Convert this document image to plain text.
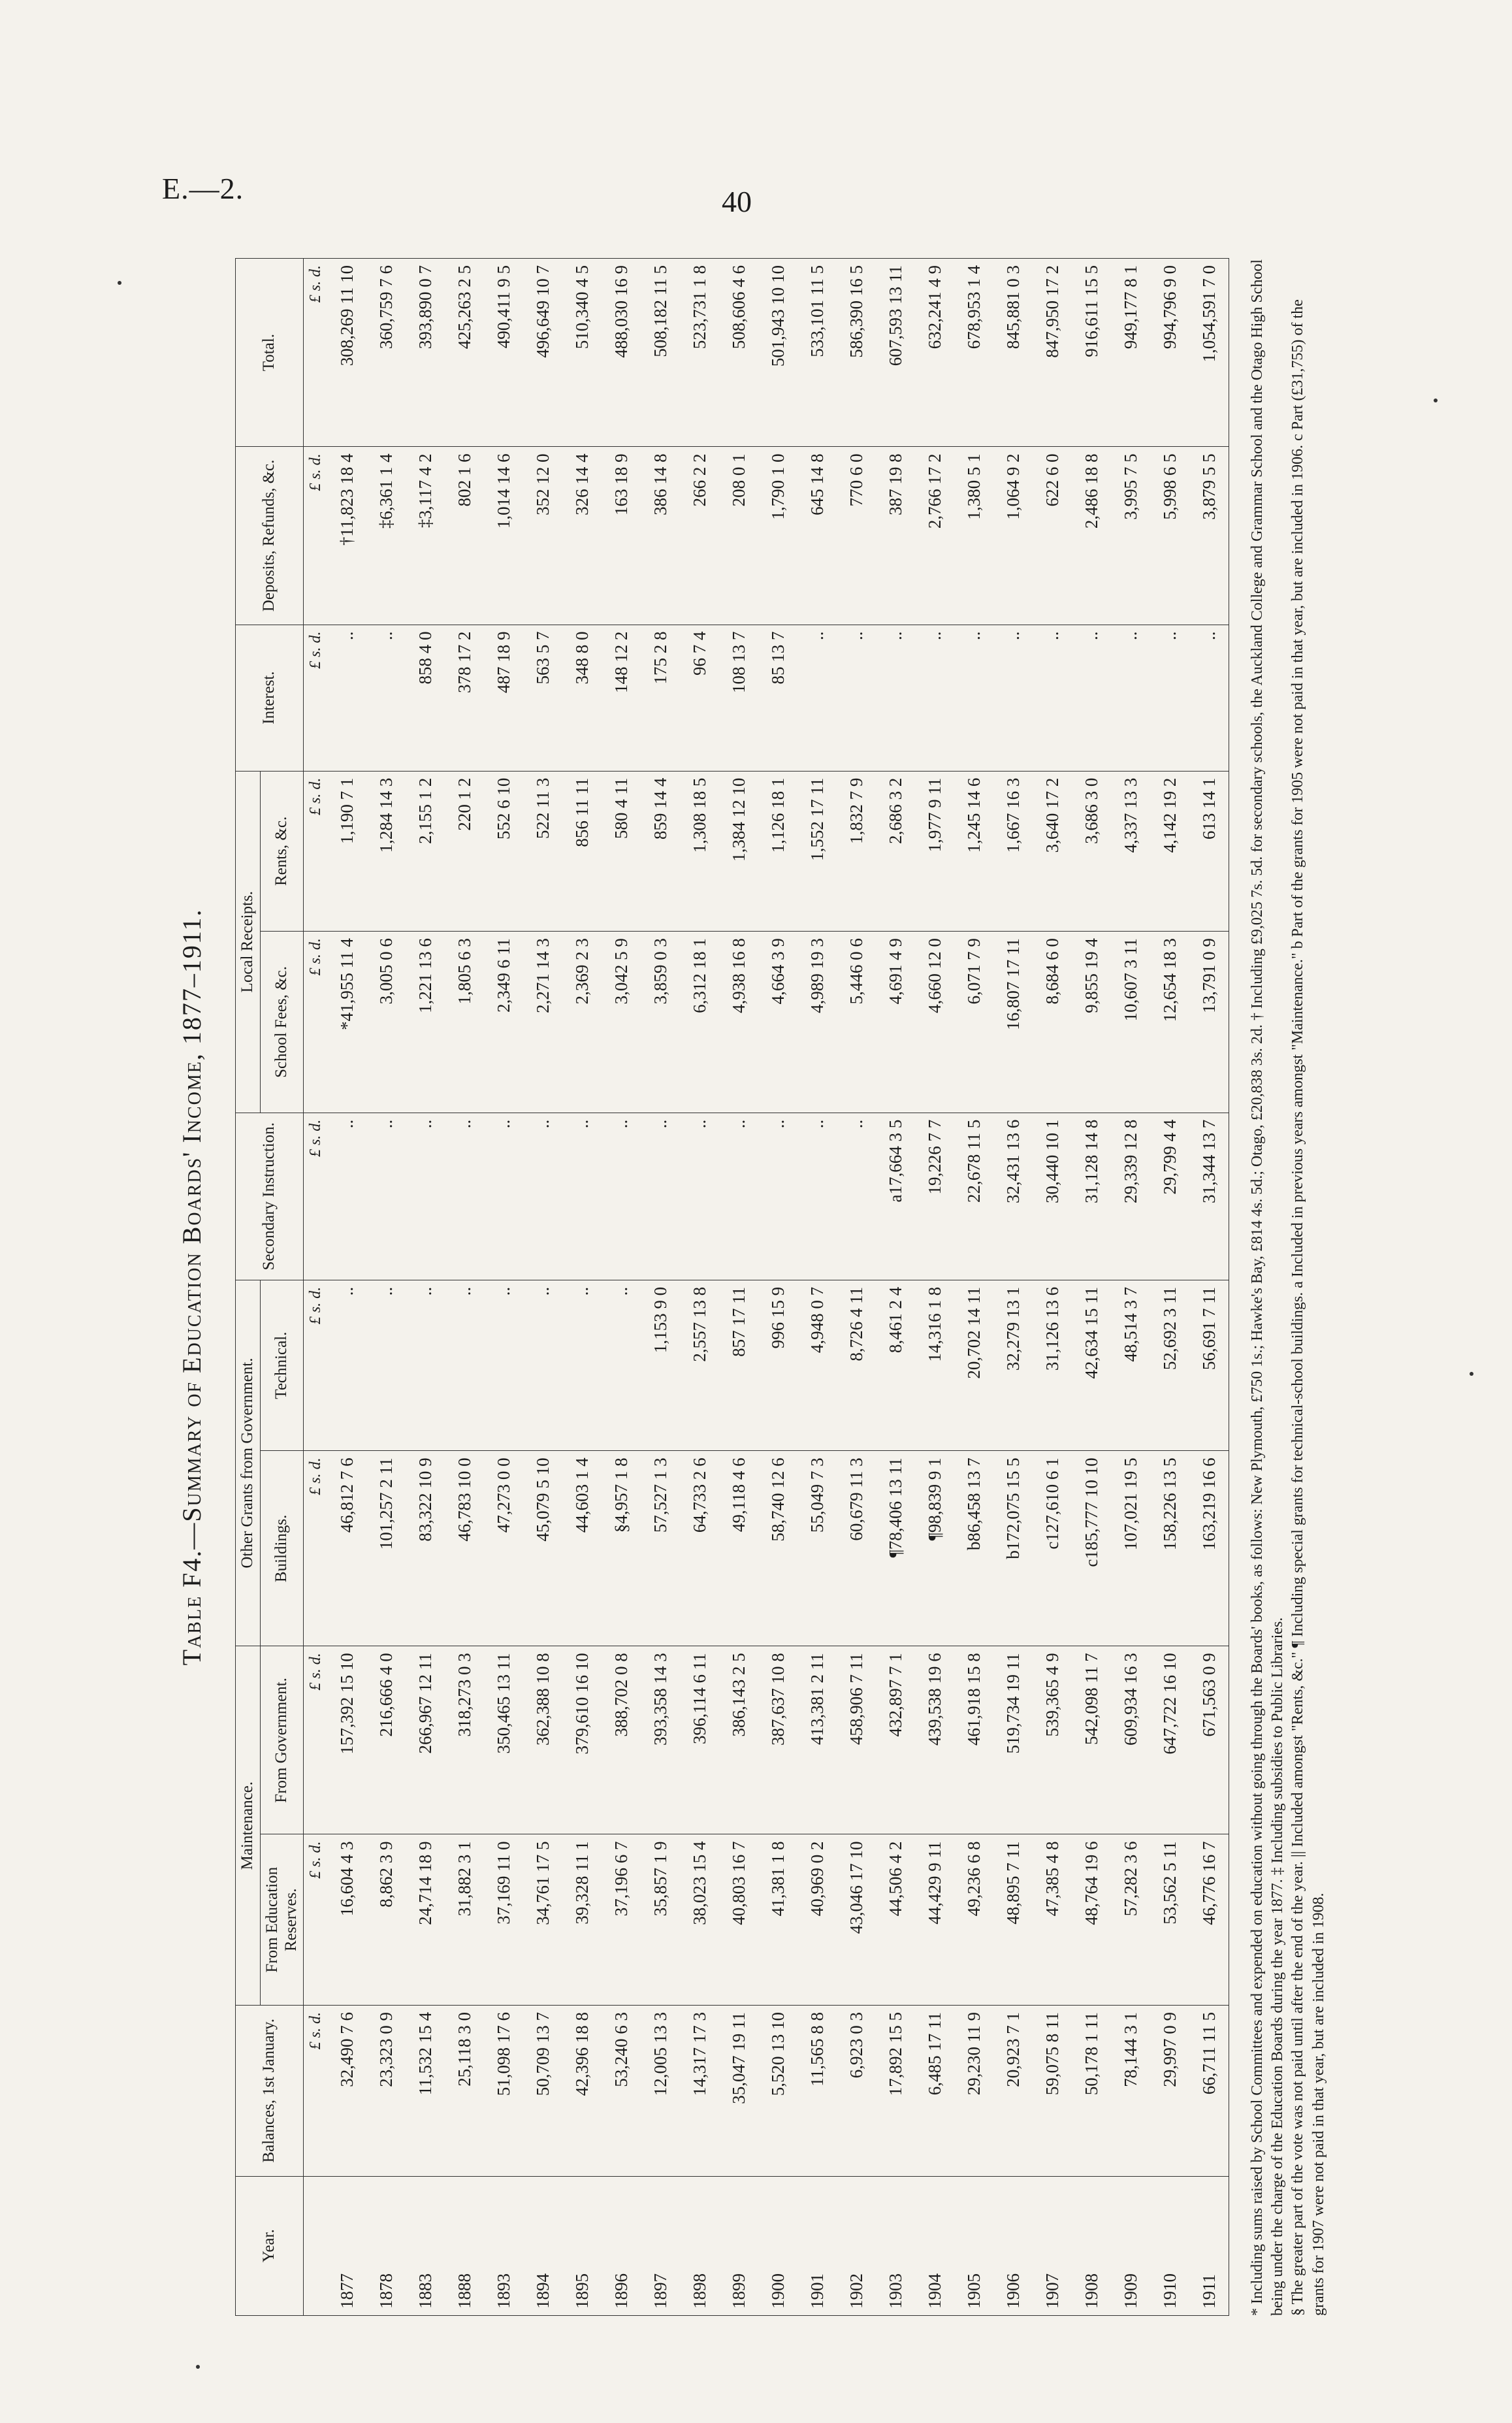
E.—2.	40
Table F4.—Summary of Education Boards' Income, 1877–1911.
Year.	Balances, 1st January.	Maintenance.		Other Grants from Government.		Secondary Instruction.	Local Receipts.		Interest.	Deposits, Refunds, &c.	Total.
		From Education Reserves.	From Government.	Buildings.	Technical.		School Fees, &c.	Rents, &c.			
	£ s. d.	£ s. d.	£ s. d.	£ s. d.	£ s. d.	£ s. d.	£ s. d.	£ s. d.	£ s. d.	£ s. d.	£ s. d.
1877	32,490 7 6	16,604 4 3	157,392 15 10	46,812 7 6	..	..	*41,955 11 4	1,190 7 1	..	†11,823 18 4	308,269 11 10
1878	23,323 0 9	8,862 3 9	216,666 4 0	101,257 2 11	..	..	3,005 0 6	1,284 14 3	..	‡6,361 1 4	360,759 7 6
1883	11,532 15 4	24,714 18 9	266,967 12 11	83,322 10 9	..	..	1,221 13 6	2,155 1 2	858 4 0	‡3,117 4 2	393,890 0 7
1888	25,118 3 0	31,882 3 1	318,273 0 3	46,783 10 0	..	..	1,805 6 3	220 1 2	378 17 2	802 1 6	425,263 2 5
1893	51,098 17 6	37,169 11 0	350,465 13 11	47,273 0 0	..	..	2,349 6 11	552 6 10	487 18 9	1,014 14 6	490,411 9 5
1894	50,709 13 7	34,761 17 5	362,388 10 8	45,079 5 10	..	..	2,271 14 3	522 11 3	563 5 7	352 12 0	496,649 10 7
1895	42,396 18 8	39,328 11 1	379,610 16 10	44,603 1 4	..	..	2,369 2 3	856 11 11	348 8 0	326 14 4	510,340 4 5
1896	53,240 6 3	37,196 6 7	388,702 0 8	§4,957 1 8	..	..	3,042 5 9	580 4 11	148 12 2	163 18 9	488,030 16 9
1897	12,005 13 3	35,857 1 9	393,358 14 3	57,527 1 3	1,153 9 0	..	3,859 0 3	859 14 4	175 2 8	386 14 8	508,182 11 5
1898	14,317 17 3	38,023 15 4	396,114 6 11	64,733 2 6	2,557 13 8	..	6,312 18 1	1,308 18 5	96 7 4	266 2 2	523,731 1 8
1899	35,047 19 11	40,803 16 7	386,143 2 5	49,118 4 6	857 17 11	..	4,938 16 8	1,384 12 10	108 13 7	208 0 1	508,606 4 6
1900	5,520 13 10	41,381 1 8	387,637 10 8	58,740 12 6	996 15 9	..	4,664 3 9	1,126 18 1	85 13 7	1,790 1 0	501,943 10 10
1901	11,565 8 8	40,969 0 2	413,381 2 11	55,049 7 3	4,948 0 7	..	4,989 19 3	1,552 17 11	..	645 14 8	533,101 11 5
1902	6,923 0 3	43,046 17 10	458,906 7 11	60,679 11 3	8,726 4 11	..	5,446 0 6	1,832 7 9	..	770 6 0	586,390 16 5
1903	17,892 15 5	44,506 4 2	432,897 7 1	¶78,406 13 11	8,461 2 4	a17,664 3 5	4,691 4 9	2,686 3 2	..	387 19 8	607,593 13 11
1904	6,485 17 11	44,429 9 11	439,538 19 6	¶98,839 9 1	14,316 1 8	19,226 7 7	4,660 12 0	1,977 9 11	..	2,766 17 2	632,241 4 9
1905	29,230 11 9	49,236 6 8	461,918 15 8	b86,458 13 7	20,702 14 11	22,678 11 5	6,071 7 9	1,245 14 6	..	1,380 5 1	678,953 1 4
1906	20,923 7 1	48,895 7 11	519,734 19 11	b172,075 15 5	32,279 13 1	32,431 13 6	16,807 17 11	1,667 16 3	..	1,064 9 2	845,881 0 3
1907	59,075 8 11	47,385 4 8	539,365 4 9	c127,610 6 1	31,126 13 6	30,440 10 1	8,684 6 0	3,640 17 2	..	622 6 0	847,950 17 2
1908	50,178 1 11	48,764 19 6	542,098 11 7	c185,777 10 10	42,634 15 11	31,128 14 8	9,855 19 4	3,686 3 0	..	2,486 18 8	916,611 15 5
1909	78,144 3 1	57,282 3 6	609,934 16 3	107,021 19 5	48,514 3 7	29,339 12 8	10,607 3 11	4,337 13 3	..	3,995 7 5	949,177 8 1
1910	29,997 0 9	53,562 5 11	647,722 16 10	158,226 13 5	52,692 3 11	29,799 4 4	12,654 18 3	4,142 19 2	..	5,998 6 5	994,796 9 0
1911	66,711 11 5	46,776 16 7	671,563 0 9	163,219 16 6	56,691 7 11	31,344 13 7	13,791 0 9	613 14 1	..	3,879 5 5	1,054,591 7 0 * Including sums raised by School Committees and expended on education without going through the Boards' books, as follows: New Plymouth, £750 1s.; Hawke's Bay, £814 4s. 5d.; Otago, £20,838 3s. 2d. † Including £9,025 7s. 5d. for secondary schools, the Auckland College and Grammar School and the Otago High School being under the charge of the Education Boards during the year 1877. ‡ Including subsidies to Public Libraries. § The greater part of the vote was not paid until after the end of the year. || Included amongst "Rents, &c." ¶ Including special grants for technical-school buildings. a Included in previous years amongst "Maintenance." b Part of the grants for 1905 were not paid in that year, but are included in 1906. c Part (£31,755) of the grants for 1907 were not paid in that year, but are included in 1908.
